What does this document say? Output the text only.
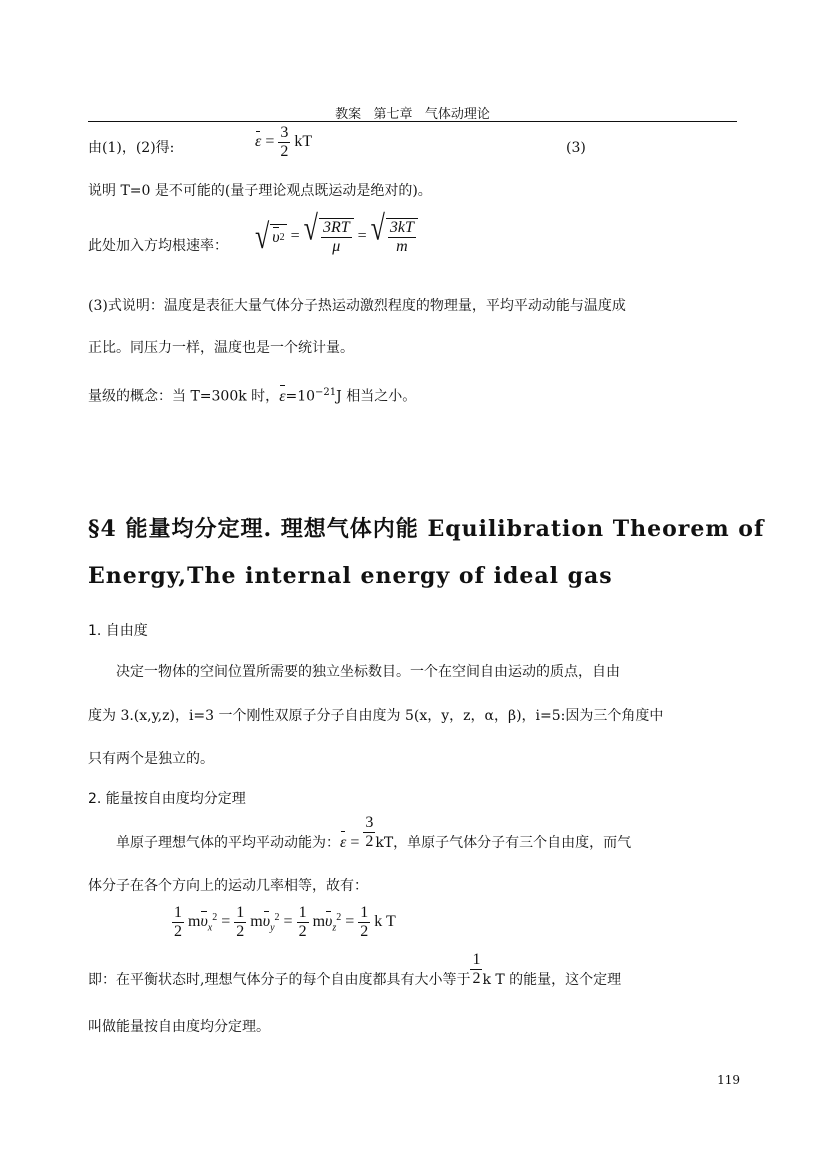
教案   第七章   气体动理论
由(1)，(2)得:	$\varepsilon = \frac{3}{2}$ kT	(3)
说明 T=0 是不可能的(量子理论观点既运动是绝对的)。
此处加入方均根速率： √ υ 2 = √ $\frac{3RT}{\mu}$ = √ $\frac{3kT}{m}$
(3)式说明：温度是表征大量气体分子热运动激烈程度的物理量，平均平动动能与温度成
正比。同压力一样，温度也是一个统计量。
量级的概念：当 T=300k 时，$\varepsilon=10^{-21}J$ 相当之小。
§4 能量均分定理. 理想气体内能 Equilibration Theorem of
Energy,The internal energy of ideal gas
1. 自由度
决定一物体的空间位置所需要的独立坐标数目。一个在空间自由运动的质点，自由
度为 3.(x,y,z)，i=3 一个刚性双原子分子自由度为 5(x，y，z，α，β)，i=5:因为三个角度中
只有两个是独立的。
2. 能量按自由度均分定理
单原子理想气体的平均平动动能为：$\varepsilon = \frac{3}{2}$ kT，单原子气体分子有三个自由度，而气
体分子在各个方向上的运动几率相等，故有：
$\frac{1}{2} m\upsilon_x^2 = \frac{1}{2} m\upsilon_y^2 = \frac{1}{2} m\upsilon_z^2 = \frac{1}{2}$ k T
即：在平衡状态时,理想气体分子的每个自由度都具有大小等于 $\frac{1}{2}$ k T 的能量，这个定理
叫做能量按自由度均分定理。
119
